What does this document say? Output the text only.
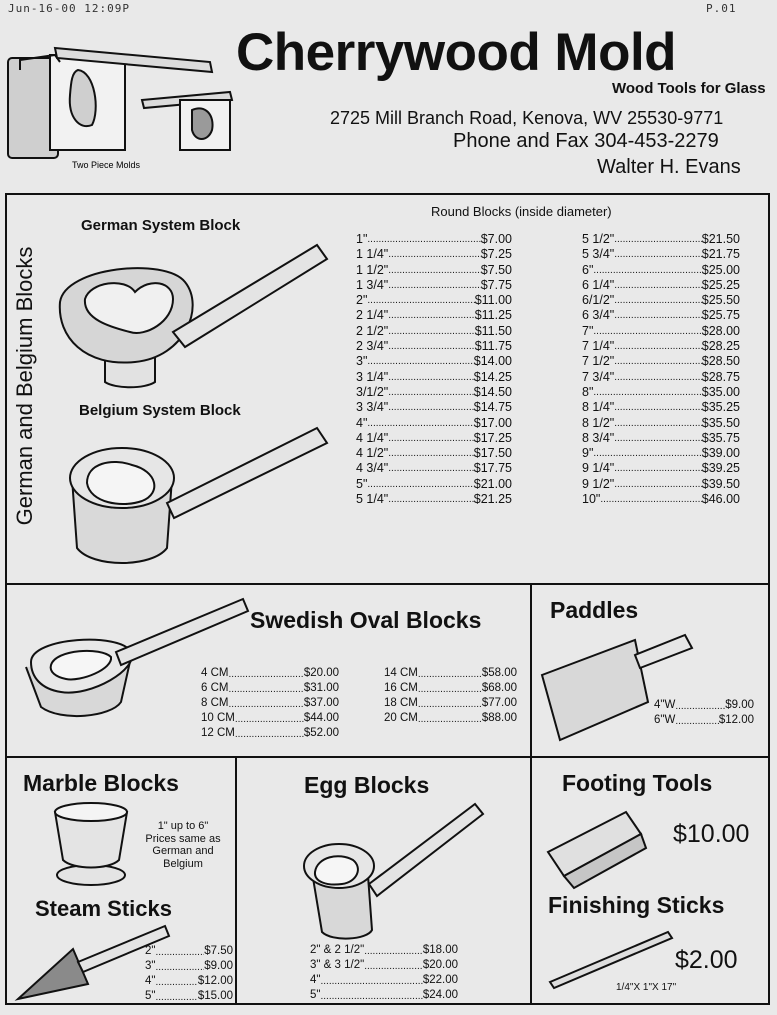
Jun-16-00 12:09P	P.01
Two Piece Molds
Cherrywood Mold
Wood Tools for Glass
2725 Mill Branch Road, Kenova, WV 25530-9771
Phone and Fax 304-453-2279
Walter H. Evans
German and Belgium Blocks
German System Block
Belgium System Block
Round Blocks (inside diameter)
1" .....	$7.00
1 1/4" .....	$7.25
1 1/2" .....	$7.50
1 3/4" .....	$7.75
2" .....	$11.00
2 1/4" .....	$11.25
2 1/2" .....	$11.50
2 3/4" .....	$11.75
3" .....	$14.00
3 1/4" .....	$14.25
3/1/2" .....	$14.50
3 3/4" .....	$14.75
4" .....	$17.00
4 1/4" .....	$17.25
4 1/2" .....	$17.50
4 3/4" .....	$17.75
5" .....	$21.00
5 1/4" .....	$21.25
5 1/2" .....	$21.50
5 3/4" .....	$21.75
6" .....	$25.00
6 1/4" .....	$25.25
6/1/2" .....	$25.50
6 3/4" .....	$25.75
7" .....	$28.00
7 1/4" .....	$28.25
7 1/2" .....	$28.50
7 3/4" .....	$28.75
8" .....	$35.00
8 1/4" .....	$35.25
8 1/2" .....	$35.50
8 3/4" .....	$35.75
9" .....	$39.00
9 1/4" .....	$39.25
9 1/2" .....	$39.50
10" .....	$46.00
Swedish Oval Blocks
4 CM .....	$20.00
6 CM .....	$31.00
8 CM .....	$37.00
10 CM .....	$44.00
12 CM .....	$52.00
14 CM .....	$58.00
16 CM .....	$68.00
18 CM .....	$77.00
20 CM .....	$88.00
Paddles
4"W .....	$9.00
6"W .....	$12.00
Marble Blocks
1" up to 6"
Prices same as
German and
Belgium
Steam Sticks
2" .....	$7.50
3" .....	$9.00
4" .....	$12.00
5" .....	$15.00
Egg Blocks
2" & 2 1/2" .....	$18.00
3" & 3 1/2" .....	$20.00
4" .....	$22.00
5" .....	$24.00
Footing Tools
$10.00
Finishing Sticks
$2.00
1/4"X 1"X 17"
